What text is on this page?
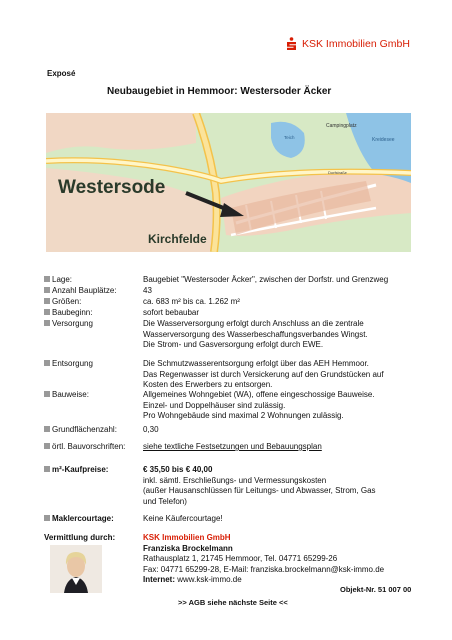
KSK Immobilien GmbH
Exposé
Neubaugebiet in Hemmoor: Westersoder Äcker
Westersode
Kirchfelde
Campingplatz
Kreidesee
Teich
Dorfstraße
Lage:	Baugebiet "Westersoder Äcker", zwischen der Dorfstr. und Grenzweg
Anzahl Bauplätze:	43
Größen:	ca. 683 m² bis ca. 1.262 m²
Baubeginn:	sofort bebaubar
Versorgung	Die Wasserversorgung erfolgt durch Anschluss an die zentrale
Wasserversorgung des Wasserbeschaffungsverbandes Wingst.
Die Strom- und Gasversorgung erfolgt durch EWE.
Entsorgung	Die Schmutzwasserentsorgung erfolgt über das AEH Hemmoor.
Das Regenwasser ist durch Versickerung auf den Grundstücken auf
Kosten des Erwerbers zu entsorgen.
Bauweise:	Allgemeines Wohngebiet (WA), offene eingeschossige Bauweise.
Einzel- und Doppelhäuser sind zulässig.
Pro Wohngebäude sind maximal 2 Wohnungen zulässig.
Grundflächenzahl:	0,30
örtl. Bauvorschriften:	siehe textliche Festsetzungen und Bebauungsplan
m²-Kaufpreise:	€ 35,50 bis € 40,00
inkl. sämtl. Erschließungs- und Vermessungskosten
(außer Hausanschlüssen für Leitungs- und Abwasser, Strom, Gas
und Telefon)
Maklercourtage:	Keine Käufercourtage!
Vermittlung durch:	KSK Immobilien GmbH
Franziska Brockelmann
Rathausplatz 1, 21745 Hemmoor, Tel. 04771 65299-26
Fax: 04771 65299-28, E-Mail: franziska.brockelmann@ksk-immo.de
Internet: www.ksk-immo.de
Objekt-Nr. 51 007 00
>> AGB siehe nächste Seite <<
